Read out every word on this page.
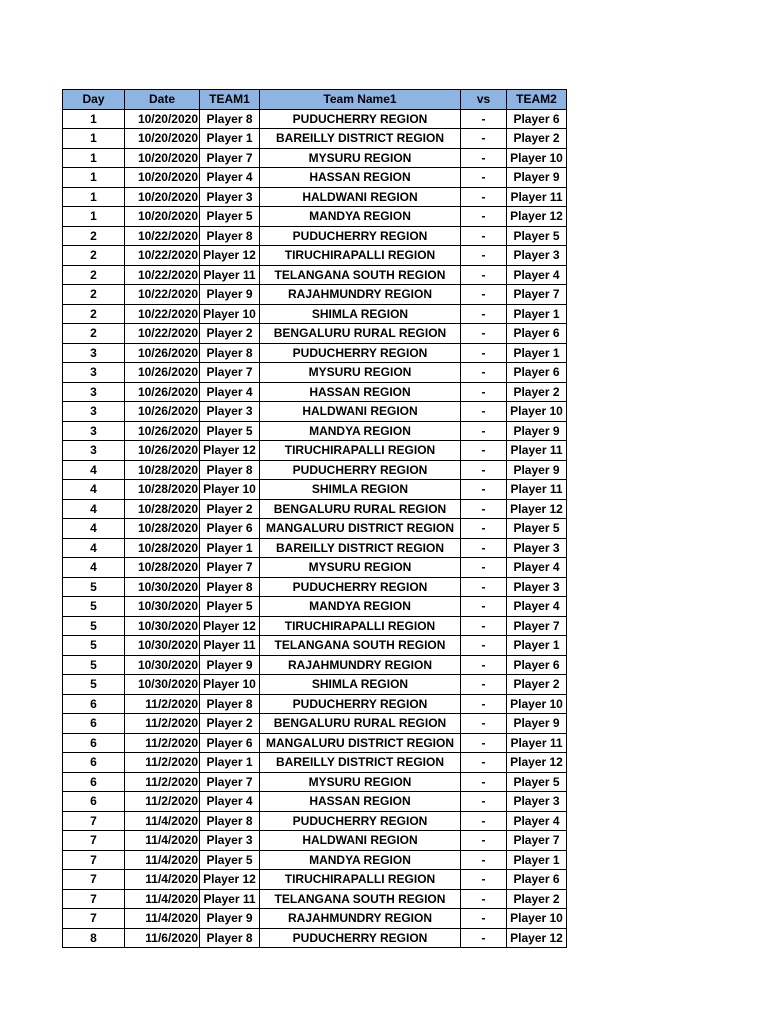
Day	Date	TEAM1	Team Name1	vs	TEAM2
1	10/20/2020	Player 8	PUDUCHERRY REGION	-	Player 6
1	10/20/2020	Player 1	BAREILLY DISTRICT REGION	-	Player 2
1	10/20/2020	Player 7	MYSURU REGION	-	Player 10
1	10/20/2020	Player 4	HASSAN REGION	-	Player 9
1	10/20/2020	Player 3	HALDWANI REGION	-	Player 11
1	10/20/2020	Player 5	MANDYA REGION	-	Player 12
2	10/22/2020	Player 8	PUDUCHERRY REGION	-	Player 5
2	10/22/2020	Player 12	TIRUCHIRAPALLI REGION	-	Player 3
2	10/22/2020	Player 11	TELANGANA SOUTH REGION	-	Player 4
2	10/22/2020	Player 9	RAJAHMUNDRY REGION	-	Player 7
2	10/22/2020	Player 10	SHIMLA REGION	-	Player 1
2	10/22/2020	Player 2	BENGALURU RURAL REGION	-	Player 6
3	10/26/2020	Player 8	PUDUCHERRY REGION	-	Player 1
3	10/26/2020	Player 7	MYSURU REGION	-	Player 6
3	10/26/2020	Player 4	HASSAN REGION	-	Player 2
3	10/26/2020	Player 3	HALDWANI REGION	-	Player 10
3	10/26/2020	Player 5	MANDYA REGION	-	Player 9
3	10/26/2020	Player 12	TIRUCHIRAPALLI REGION	-	Player 11
4	10/28/2020	Player 8	PUDUCHERRY REGION	-	Player 9
4	10/28/2020	Player 10	SHIMLA REGION	-	Player 11
4	10/28/2020	Player 2	BENGALURU RURAL REGION	-	Player 12
4	10/28/2020	Player 6	MANGALURU DISTRICT REGION	-	Player 5
4	10/28/2020	Player 1	BAREILLY DISTRICT REGION	-	Player 3
4	10/28/2020	Player 7	MYSURU REGION	-	Player 4
5	10/30/2020	Player 8	PUDUCHERRY REGION	-	Player 3
5	10/30/2020	Player 5	MANDYA REGION	-	Player 4
5	10/30/2020	Player 12	TIRUCHIRAPALLI REGION	-	Player 7
5	10/30/2020	Player 11	TELANGANA SOUTH REGION	-	Player 1
5	10/30/2020	Player 9	RAJAHMUNDRY REGION	-	Player 6
5	10/30/2020	Player 10	SHIMLA REGION	-	Player 2
6	11/2/2020	Player 8	PUDUCHERRY REGION	-	Player 10
6	11/2/2020	Player 2	BENGALURU RURAL REGION	-	Player 9
6	11/2/2020	Player 6	MANGALURU DISTRICT REGION	-	Player 11
6	11/2/2020	Player 1	BAREILLY DISTRICT REGION	-	Player 12
6	11/2/2020	Player 7	MYSURU REGION	-	Player 5
6	11/2/2020	Player 4	HASSAN REGION	-	Player 3
7	11/4/2020	Player 8	PUDUCHERRY REGION	-	Player 4
7	11/4/2020	Player 3	HALDWANI REGION	-	Player 7
7	11/4/2020	Player 5	MANDYA REGION	-	Player 1
7	11/4/2020	Player 12	TIRUCHIRAPALLI REGION	-	Player 6
7	11/4/2020	Player 11	TELANGANA SOUTH REGION	-	Player 2
7	11/4/2020	Player 9	RAJAHMUNDRY REGION	-	Player 10
8	11/6/2020	Player 8	PUDUCHERRY REGION	-	Player 12
